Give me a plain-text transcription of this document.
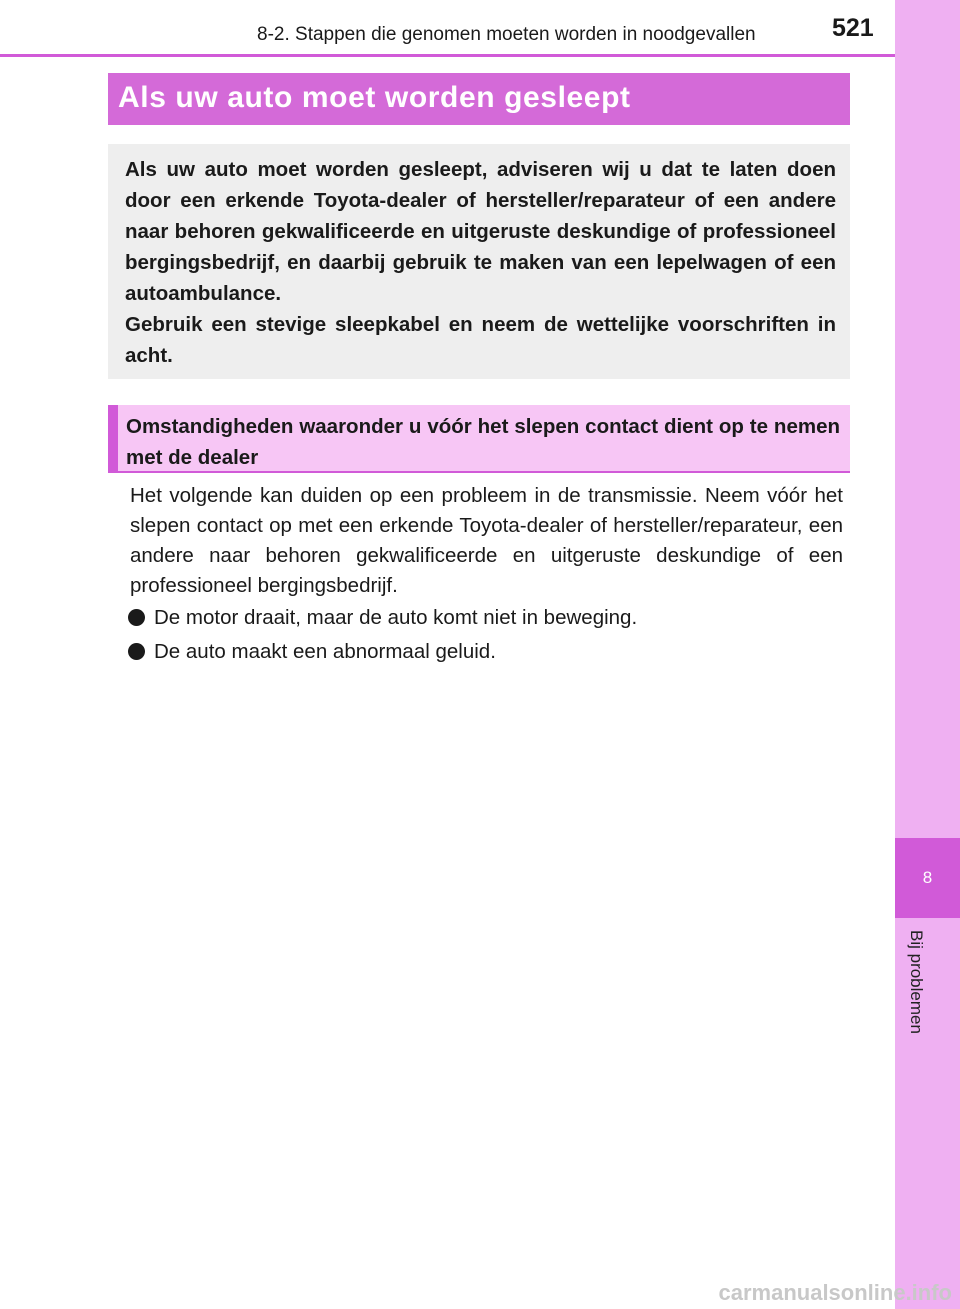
8
Bij problemen
8-2. Stappen die genomen moeten worden in noodgevallen	521
Als uw auto moet worden gesleept

Als uw auto moet worden gesleept, adviseren wij u dat te laten doen door een erkende Toyota-dealer of hersteller/reparateur of een andere naar behoren gekwalificeerde en uitgeruste deskundige of professioneel bergingsbedrijf, en daarbij gebruik te maken van een lepelwagen of een autoambulance.

Gebruik een stevige sleepkabel en neem de wettelijke voorschriften in acht.

Omstandigheden waaronder u vóór het slepen contact dient op te nemen met de dealer

Het volgende kan duiden op een probleem in de transmissie. Neem vóór het slepen contact op met een erkende Toyota-dealer of hersteller/reparateur, een andere naar behoren gekwalificeerde en uitgeruste deskundige of een professioneel bergingsbedrijf.

De motor draait, maar de auto komt niet in beweging.
De auto maakt een abnormaal geluid.
carmanualsonline.info
